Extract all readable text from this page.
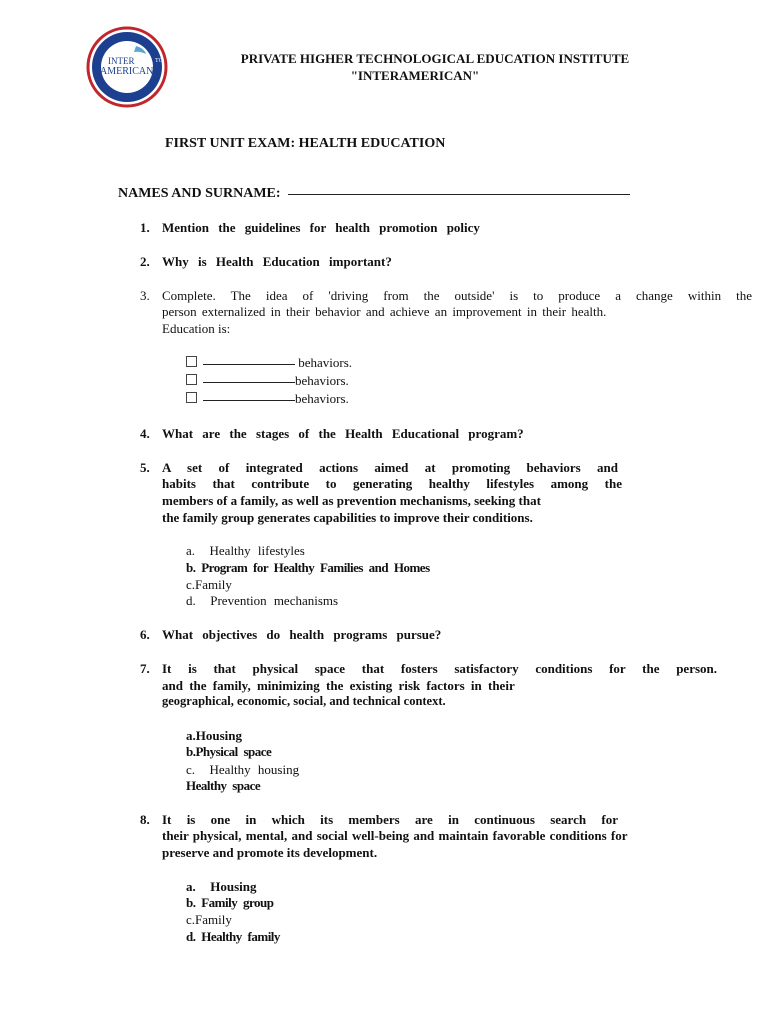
INTER
AMERICAN
TC	PRIVATE HIGHER TECHNOLOGICAL EDUCATION INSTITUTE
"INTERAMERICAN"
FIRST UNIT EXAM: HEALTH EDUCATION
NAMES AND SURNAME:
1. Mention the guidelines for health promotion policy
2. Why is Health Education important?
3. Complete. The idea of 'driving from the outside' is to produce a change within the
person externalized in their behavior and achieve an improvement in their health.
Education is:
behaviors.
behaviors.
behaviors.
4. What are the stages of the Health Educational program?
5. A set of integrated actions aimed at promoting behaviors and
habits that contribute to generating healthy lifestyles among the
members of a family, as well as prevention mechanisms, seeking that
the family group generates capabilities to improve their conditions.
a.  Healthy lifestyles
b. Program for Healthy Families and Homes
c.Family
d.  Prevention mechanisms
6. What objectives do health programs pursue?
7. It is that physical space that fosters satisfactory conditions for the person.
and the family, minimizing the existing risk factors in their
geographical, economic, social, and technical context.
a.Housing
b.Physical space
c.  Healthy housing
Healthy space
8. It is one in which its members are in continuous search for
their physical, mental, and social well-being and maintain favorable conditions for
preserve and promote its development.
a.  Housing
b. Family group
c.Family
d. Healthy family
